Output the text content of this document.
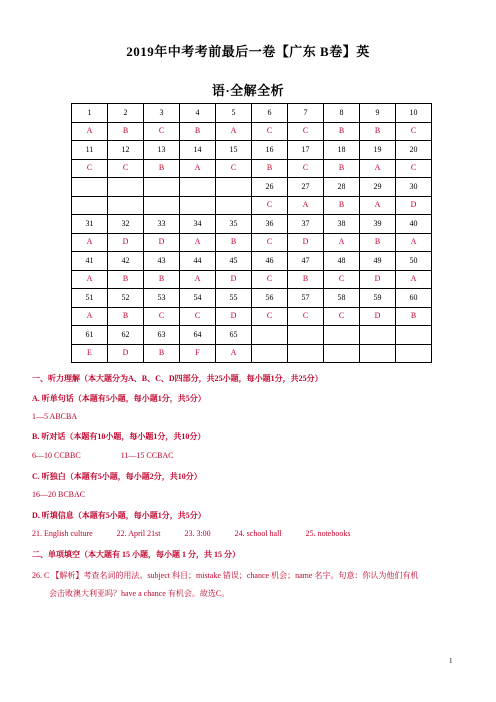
2019年中考考前最后一卷【广东 B卷】英
语·全解全析
1	2	3	4	5	6	7	8	9	10
A	B	C	B	A	C	C	B	B	C
11	12	13	14	15	16	17	18	19	20
C	C	B	A	C	B	C	B	A	C
					26	27	28	29	30
					C	A	B	A	D
31	32	33	34	35	36	37	38	39	40
A	D	D	A	B	C	D	A	B	A
41	42	43	44	45	46	47	48	49	50
A	B	B	A	D	C	B	C	D	A
51	52	53	54	55	56	57	58	59	60
A	B	C	C	D	C	C	C	D	B
61	62	63	64	65					
E	D	B	F	A					
一、听力理解（本大题分为A、B、C、D四部分，共25小题，每小题1分，共25分）
A. 听单句话（本题有5小题，每小题1分，共5分）
1—5 ABCBA
B. 听对话（本题有10小题，每小题1分，共10分）
6—10 CCBBC	11—15 CCBAC
C. 听独白（本题有5小题，每小题2分，共10分）
16—20 BCBAC
D. 听填信息（本题有5小题，每小题1分，共5分）
21. English culture	22. April 21st	23. 3:00	24. school hall	25. notebooks
二、单项填空（本大题有 15 小题，每小题 1 分，共 15 分）
26. C 【解析】考查名词的用法。subject 科目；mistake 错误；chance 机会；name 名字。句意：你认为他们有机
会击败澳大利亚吗？have a chance 有机会。故选C。
1
